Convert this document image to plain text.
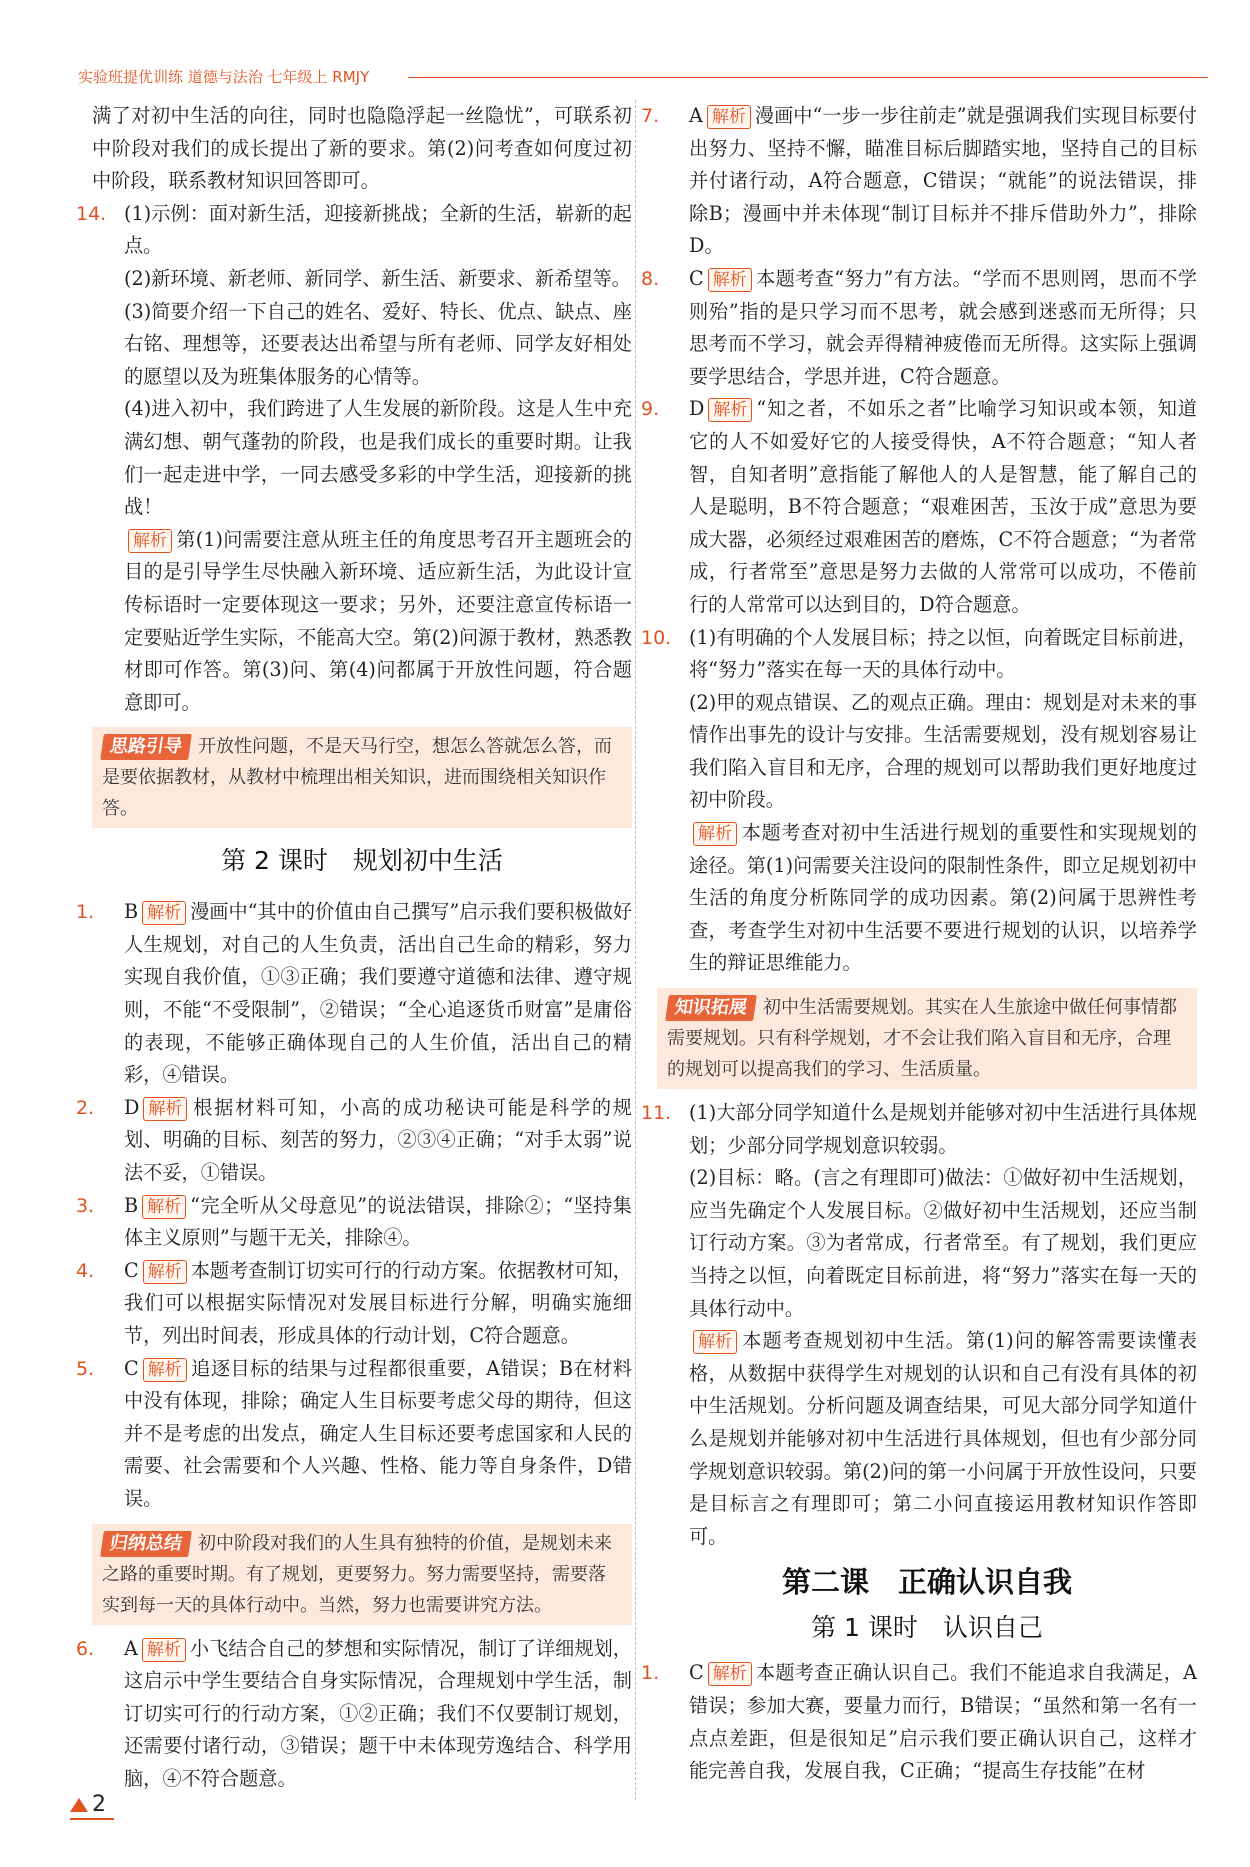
实验班提优训练 道德与法治 七年级上 RMJY

满了对初中生活的向往，同时也隐隐浮起一丝隐忧”，可联系初中阶段对我们的成长提出了新的要求。第(2)问考查如何度过初中阶段，联系教材知识回答即可。

14. (1)示例：面对新生活，迎接新挑战；全新的生活，崭新的起点。

(2)新环境、新老师、新同学、新生活、新要求、新希望等。

(3)简要介绍一下自己的姓名、爱好、特长、优点、缺点、座右铭、理想等，还要表达出希望与所有老师、同学友好相处的愿望以及为班集体服务的心情等。

(4)进入初中，我们跨进了人生发展的新阶段。这是人生中充满幻想、朝气蓬勃的阶段，也是我们成长的重要时期。让我们一起走进中学，一同去感受多彩的中学生活，迎接新的挑战！

解析 第(1)问需要注意从班主任的角度思考召开主题班会的目的是引导学生尽快融入新环境、适应新生活，为此设计宣传标语时一定要体现这一要求；另外，还要注意宣传标语一定要贴近学生实际，不能高大空。第(2)问源于教材，熟悉教材即可作答。第(3)问、第(4)问都属于开放性问题，符合题意即可。

思路引导 开放性问题，不是天马行空，想怎么答就怎么答，而是要依据教材，从教材中梳理出相关知识，进而围绕相关知识作答。
第 2 课时　规划初中生活
1. B 解析 漫画中“其中的价值由自己撰写”启示我们要积极做好人生规划，对自己的人生负责，活出自己生命的精彩，努力实现自我价值，①③正确；我们要遵守道德和法律、遵守规则，不能“不受限制”，②错误；“全心追逐货币财富”是庸俗的表现，不能够正确体现自己的人生价值，活出自己的精彩，④错误。

2. D 解析 根据材料可知，小高的成功秘诀可能是科学的规划、明确的目标、刻苦的努力，②③④正确；“对手太弱”说法不妥，①错误。

3. B 解析 “完全听从父母意见”的说法错误，排除②；“坚持集体主义原则”与题干无关，排除④。

4. C 解析 本题考查制订切实可行的行动方案。依据教材可知，我们可以根据实际情况对发展目标进行分解，明确实施细节，列出时间表，形成具体的行动计划，C符合题意。

5. C 解析 追逐目标的结果与过程都很重要，A错误；B在材料中没有体现，排除；确定人生目标要考虑父母的期待，但这并不是考虑的出发点，确定人生目标还要考虑国家和人民的需要、社会需要和个人兴趣、性格、能力等自身条件，D错误。

归纳总结 初中阶段对我们的人生具有独特的价值，是规划未来之路的重要时期。有了规划，更要努力。努力需要坚持，需要落实到每一天的具体行动中。当然，努力也需要讲究方法。
6. A 解析 小飞结合自己的梦想和实际情况，制订了详细规划，这启示中学生要结合自身实际情况，合理规划中学生活，制订切实可行的行动方案，①②正确；我们不仅要制订规划，还需要付诸行动，③错误；题干中未体现劳逸结合、科学用脑，④不符合题意。

7. A 解析 漫画中“一步一步往前走”就是强调我们实现目标要付出努力、坚持不懈，瞄准目标后脚踏实地，坚持自己的目标并付诸行动，A符合题意，C错误；“就能”的说法错误，排除B；漫画中并未体现“制订目标并不排斥借助外力”，排除D。

8. C 解析 本题考查“努力”有方法。“学而不思则罔，思而不学则殆”指的是只学习而不思考，就会感到迷惑而无所得；只思考而不学习，就会弄得精神疲倦而无所得。这实际上强调要学思结合，学思并进，C符合题意。

9. D 解析 “知之者，不如乐之者”比喻学习知识或本领，知道它的人不如爱好它的人接受得快，A不符合题意；“知人者智，自知者明”意指能了解他人的人是智慧，能了解自己的人是聪明，B不符合题意；“艰难困苦，玉汝于成”意思为要成大器，必须经过艰难困苦的磨炼，C不符合题意；“为者常成，行者常至”意思是努力去做的人常常可以成功，不倦前行的人常常可以达到目的，D符合题意。

10. (1)有明确的个人发展目标；持之以恒，向着既定目标前进，将“努力”落实在每一天的具体行动中。

(2)甲的观点错误、乙的观点正确。理由：规划是对未来的事情作出事先的设计与安排。生活需要规划，没有规划容易让我们陷入盲目和无序，合理的规划可以帮助我们更好地度过初中阶段。

解析 本题考查对初中生活进行规划的重要性和实现规划的途径。第(1)问需要关注设问的限制性条件，即立足规划初中生活的角度分析陈同学的成功因素。第(2)问属于思辨性考查，考查学生对初中生活要不要进行规划的认识，以培养学生的辩证思维能力。

知识拓展 初中生活需要规划。其实在人生旅途中做任何事情都需要规划。只有科学规划，才不会让我们陷入盲目和无序，合理的规划可以提高我们的学习、生活质量。
11. (1)大部分同学知道什么是规划并能够对初中生活进行具体规划；少部分同学规划意识较弱。

(2)目标：略。(言之有理即可)做法：①做好初中生活规划，应当先确定个人发展目标。②做好初中生活规划，还应当制订行动方案。③为者常成，行者常至。有了规划，我们更应当持之以恒，向着既定目标前进，将“努力”落实在每一天的具体行动中。

解析 本题考查规划初中生活。第(1)问的解答需要读懂表格，从数据中获得学生对规划的认识和自己有没有具体的初中生活规划。分析问题及调查结果，可见大部分同学知道什么是规划并能够对初中生活进行具体规划，但也有少部分同学规划意识较弱。第(2)问的第一小问属于开放性设问，只要是目标言之有理即可；第二小问直接运用教材知识作答即可。

第二课　正确认识自我
第 1 课时　认识自己
1. C 解析 本题考查正确认识自己。我们不能追求自我满足，A错误；参加大赛，要量力而行，B错误；“虽然和第一名有一点点差距，但是很知足”启示我们要正确认识自己，这样才能完善自我，发展自我，C正确；“提高生存技能”在材

2
